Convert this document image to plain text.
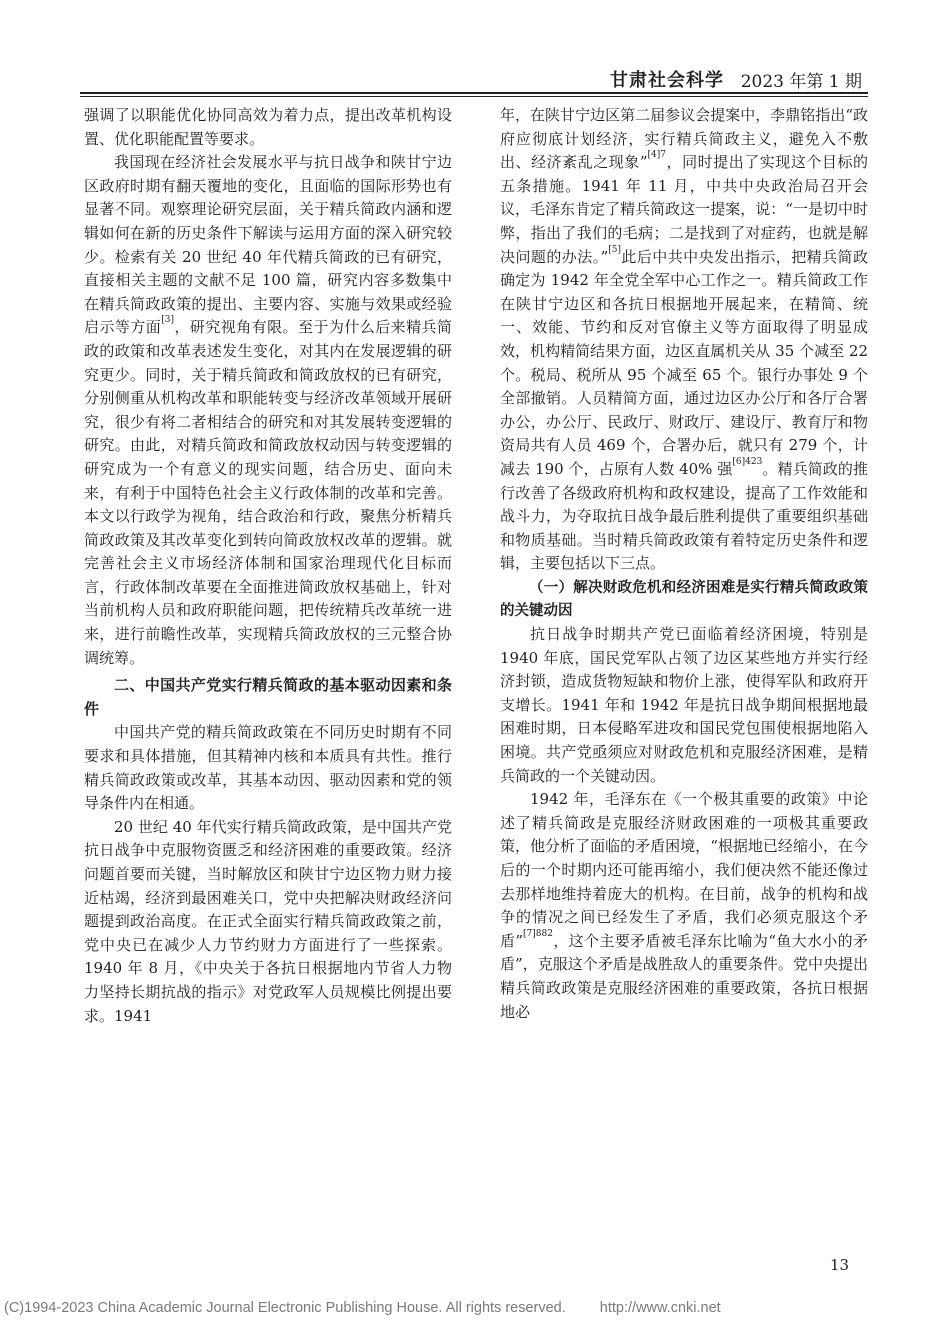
甘肃社会科学 2023 年第 1 期

强调了以职能优化协同高效为着力点，提出改革机构设置、优化职能配置等要求。

我国现在经济社会发展水平与抗日战争和陕甘宁边区政府时期有翻天覆地的变化，且面临的国际形势也有显著不同。观察理论研究层面，关于精兵简政内涵和逻辑如何在新的历史条件下解读与运用方面的深入研究较少。检索有关 20 世纪 40 年代精兵简政的已有研究，直接相关主题的文献不足 100 篇，研究内容多数集中在精兵简政政策的提出、主要内容、实施与效果或经验启示等方面[3]，研究视角有限。至于为什么后来精兵简政的政策和改革表述发生变化，对其内在发展逻辑的研究更少。同时，关于精兵简政和简政放权的已有研究，分别侧重从机构改革和职能转变与经济改革领域开展研究，很少有将二者相结合的研究和对其发展转变逻辑的研究。由此，对精兵简政和简政放权动因与转变逻辑的研究成为一个有意义的现实问题，结合历史、面向未来，有利于中国特色社会主义行政体制的改革和完善。本文以行政学为视角，结合政治和行政，聚焦分析精兵简政政策及其改革变化到转向简政放权改革的逻辑。就完善社会主义市场经济体制和国家治理现代化目标而言，行政体制改革要在全面推进简政放权基础上，针对当前机构人员和政府职能问题，把传统精兵改革统一进来，进行前瞻性改革，实现精兵简政放权的三元整合协调统筹。

二、中国共产党实行精兵简政的基本驱动因素和条件

中国共产党的精兵简政政策在不同历史时期有不同要求和具体措施，但其精神内核和本质具有共性。推行精兵简政政策或改革，其基本动因、驱动因素和党的领导条件内在相通。

20 世纪 40 年代实行精兵简政政策，是中国共产党抗日战争中克服物资匮乏和经济困难的重要政策。经济问题首要而关键，当时解放区和陕甘宁边区物力财力接近枯竭，经济到最困难关口，党中央把解决财政经济问题提到政治高度。在正式全面实行精兵简政政策之前，党中央已在减少人力节约财力方面进行了一些探索。1940 年 8 月，《中央关于各抗日根据地内节省人力物力坚持长期抗战的指示》对党政军人员规模比例提出要求。1941

年，在陕甘宁边区第二届参议会提案中，李鼎铭指出“政府应彻底计划经济，实行精兵简政主义，避免入不敷出、经济紊乱之现象”$^{[4]7}$，同时提出了实现这个目标的五条措施。1941 年 11 月，中共中央政治局召开会议，毛泽东肯定了精兵简政这一提案，说：“一是切中时弊，指出了我们的毛病；二是找到了对症药，也就是解决问题的办法。”[5]此后中共中央发出指示，把精兵简政确定为 1942 年全党全军中心工作之一。精兵简政工作在陕甘宁边区和各抗日根据地开展起来，在精简、统一、效能、节约和反对官僚主义等方面取得了明显成效，机构精简结果方面，边区直属机关从 35 个减至 22 个。税局、税所从 95 个减至 65 个。银行办事处 9 个全部撤销。人员精简方面，通过边区办公厅和各厅合署办公，办公厅、民政厅、财政厅、建设厅、教育厅和物资局共有人员 469 个，合署办后，就只有 279 个，计减去 190 个，占原有人数 40% 强$^{[6]423}$。精兵简政的推行改善了各级政府机构和政权建设，提高了工作效能和战斗力，为夺取抗日战争最后胜利提供了重要组织基础和物质基础。当时精兵简政政策有着特定历史条件和逻辑，主要包括以下三点。

（一）解决财政危机和经济困难是实行精兵简政政策的关键动因

抗日战争时期共产党已面临着经济困境，特别是 1940 年底，国民党军队占领了边区某些地方并实行经济封锁，造成货物短缺和物价上涨，使得军队和政府开支增长。1941 年和 1942 年是抗日战争期间根据地最困难时期，日本侵略军进攻和国民党包围使根据地陷入困境。共产党亟须应对财政危机和克服经济困难，是精兵简政的一个关键动因。

1942 年，毛泽东在《一个极其重要的政策》中论述了精兵简政是克服经济财政困难的一项极其重要政策，他分析了面临的矛盾困境，“根据地已经缩小，在今后的一个时期内还可能再缩小，我们便决然不能还像过去那样地维持着庞大的机构。在目前，战争的机构和战争的情况之间已经发生了矛盾，我们必须克服这个矛盾”$^{[7]882}$，这个主要矛盾被毛泽东比喻为“鱼大水小的矛盾”，克服这个矛盾是战胜敌人的重要条件。党中央提出精兵简政政策是克服经济困难的重要政策，各抗日根据地必

13
(C)1994-2023 China Academic Journal Electronic Publishing House. All rights reserved. http://www.cnki.net
